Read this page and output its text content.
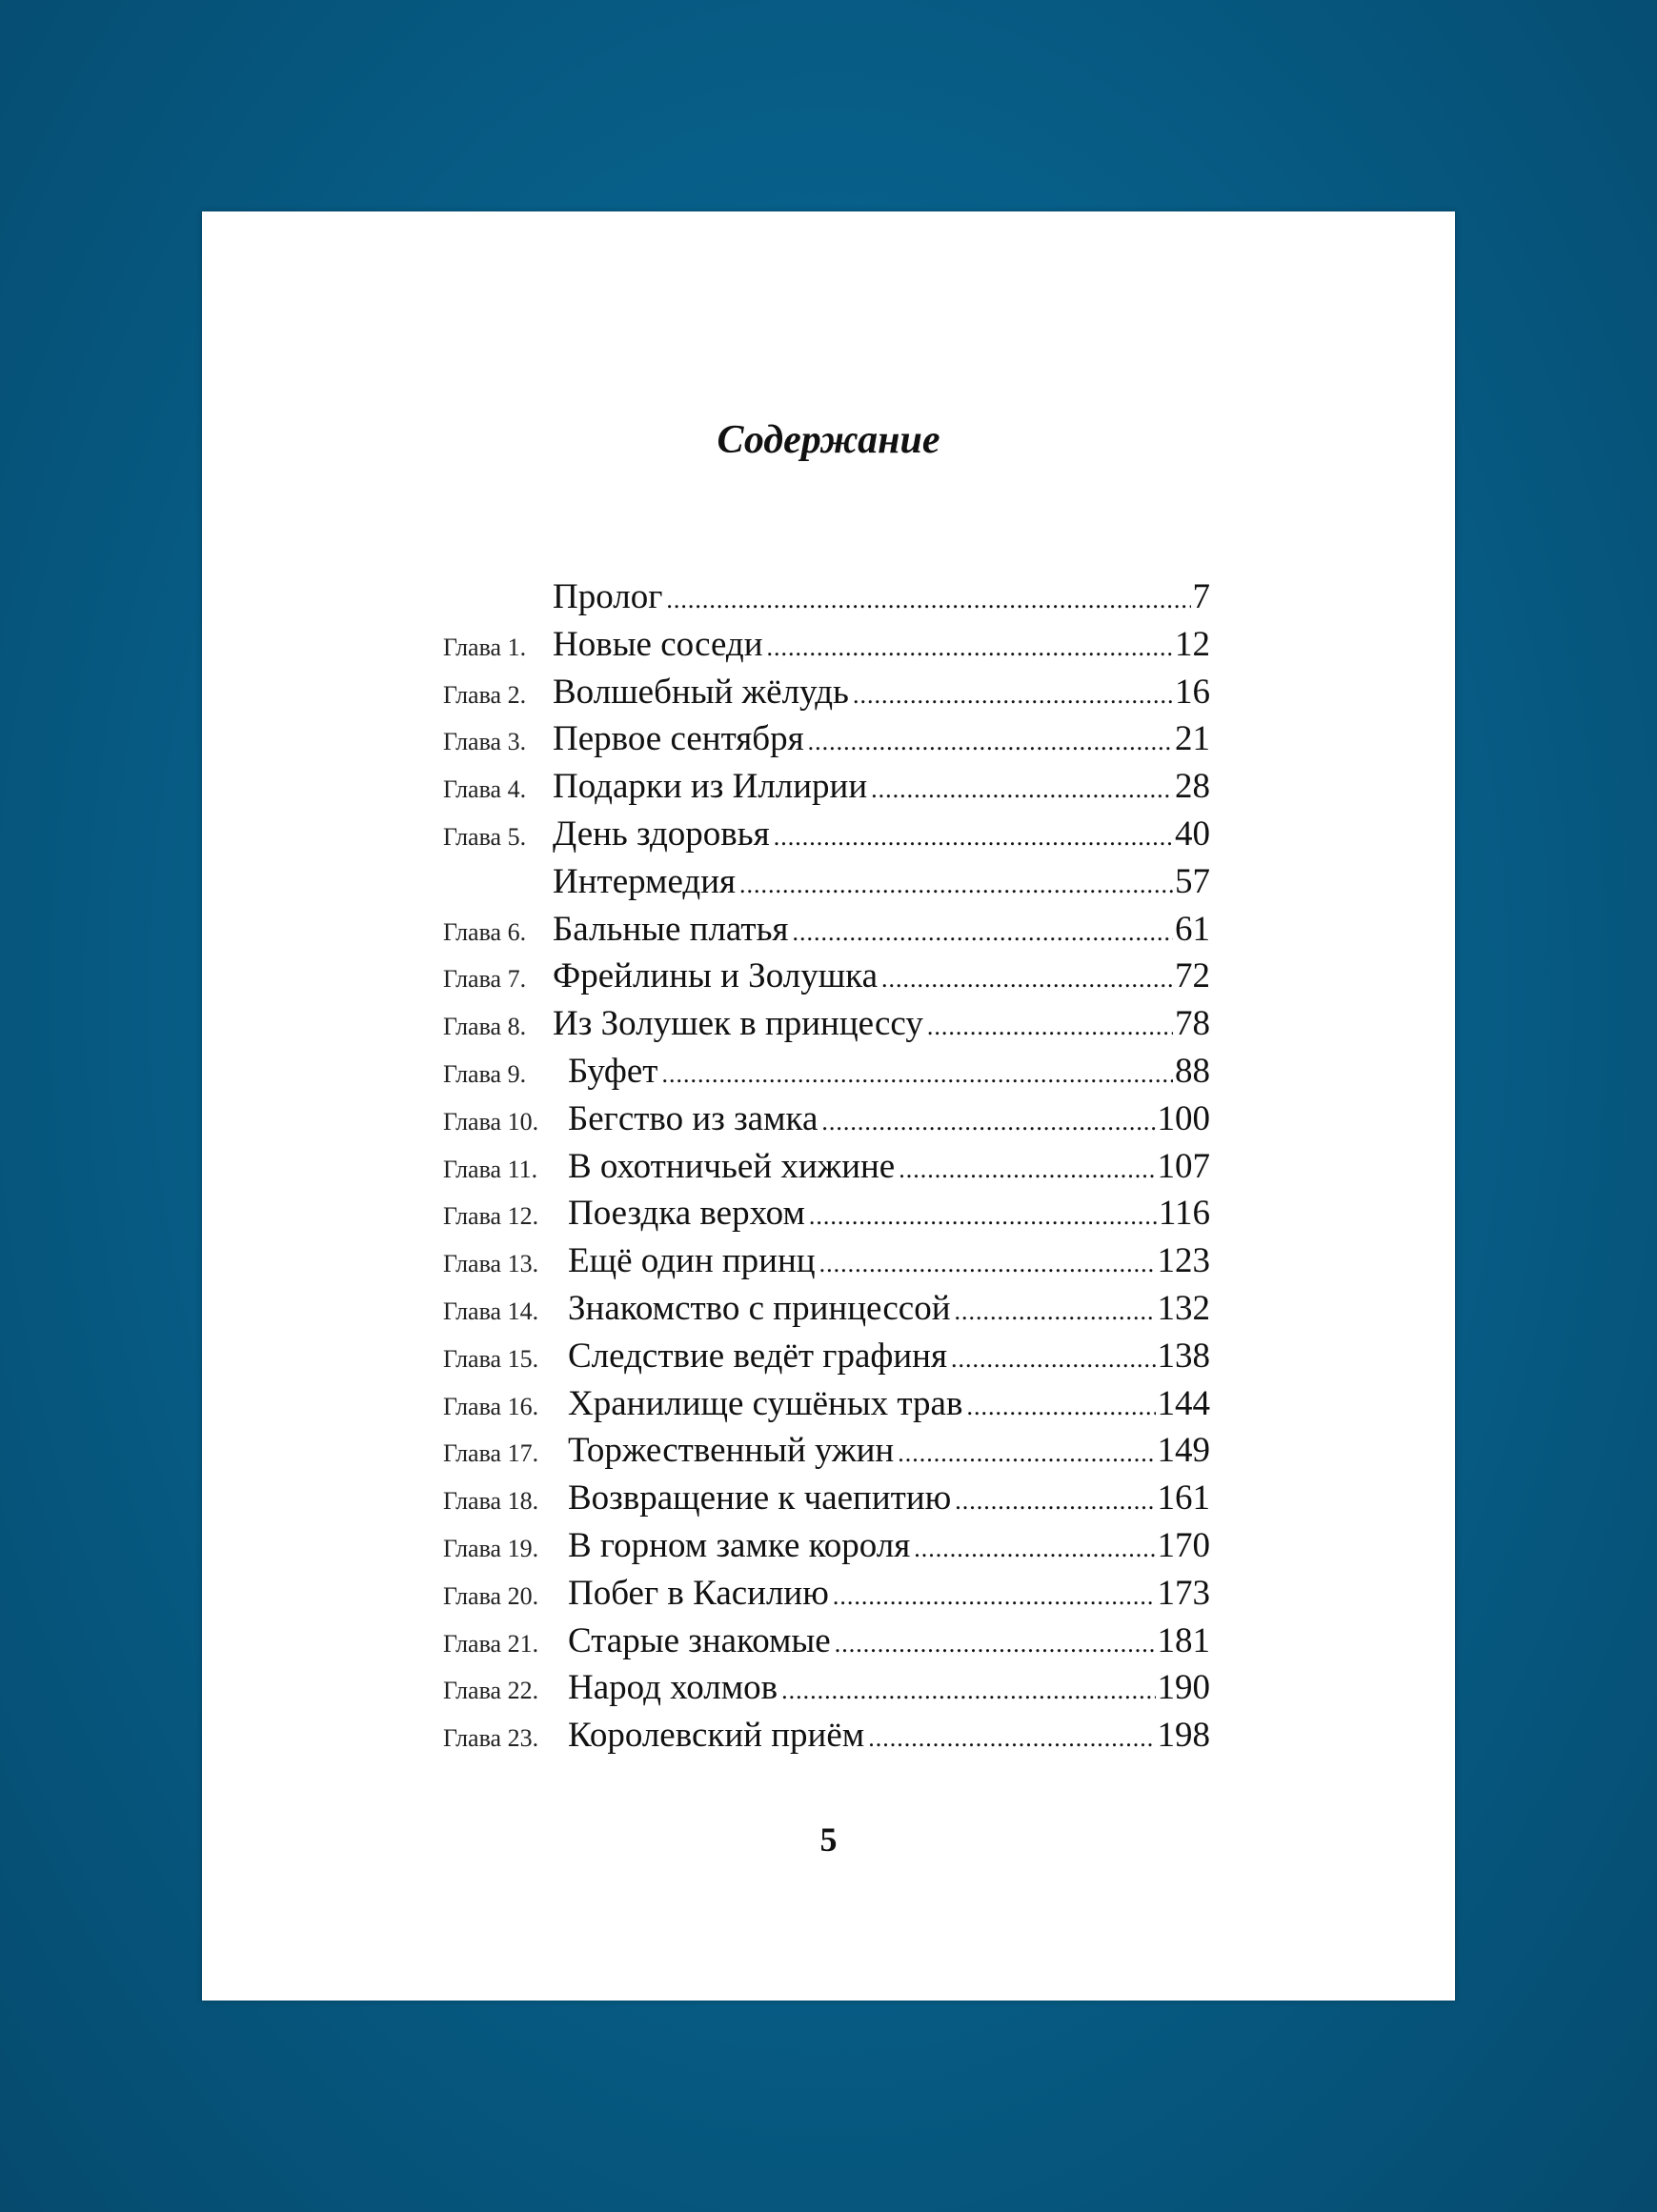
Содержание
Пролог .....	7
Глава 1. Новые соседи .....	12
Глава 2. Волшебный жёлудь .....	16
Глава 3. Первое сентября .....	21
Глава 4. Подарки из Иллирии .....	28
Глава 5. День здоровья .....	40
Интермедия .....	57
Глава 6. Бальные платья .....	61
Глава 7. Фрейлины и Золушка .....	72
Глава 8. Из Золушек в принцессу .....	78
Глава 9.	Буфет .....	88
Глава 10. Бегство из замка .....	100
Глава 11. В охотничьей хижине .....	107
Глава 12. Поездка верхом .....	116
Глава 13. Ещё один принц .....	123
Глава 14. Знакомство с принцессой .....	132
Глава 15. Следствие ведёт графиня .....	138
Глава 16. Хранилище сушёных трав .....	144
Глава 17. Торжественный ужин .....	149
Глава 18. Возвращение к чаепитию .....	161
Глава 19. В горном замке короля .....	170
Глава 20. Побег в Касилию .....	173
Глава 21. Старые знакомые .....	181
Глава 22. Народ холмов .....	190
Глава 23. Королевский приём .....	198
5
